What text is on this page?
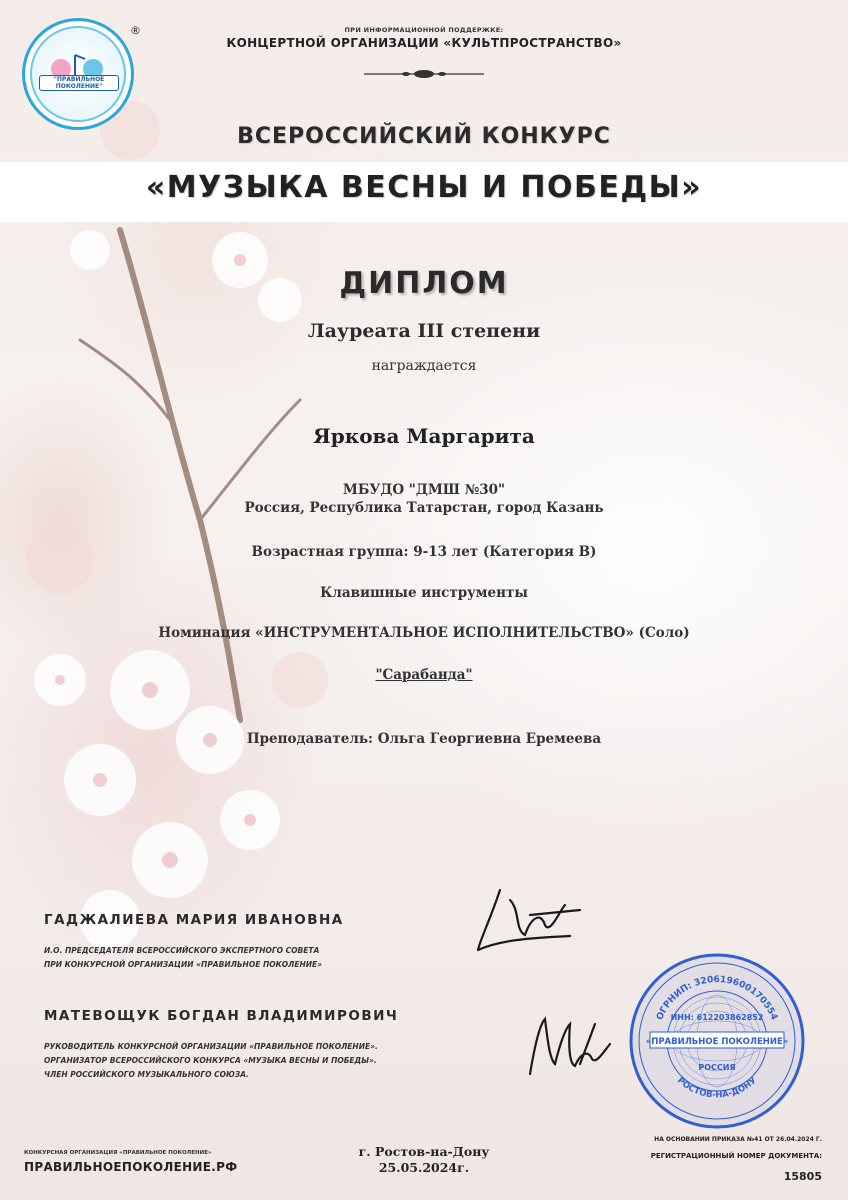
"ПРАВИЛЬНОЕ ПОКОЛЕНИЕ"
®	ПРИ ИНФОРМАЦИОННОЙ ПОДДЕРЖКЕ:
КОНЦЕРТНОЙ ОРГАНИЗАЦИИ «КУЛЬТПРОСТРАНСТВО»
ВСЕРОССИЙСКИЙ КОНКУРС
«МУЗЫКА ВЕСНЫ И ПОБЕДЫ»
ДИПЛОМ
Лауреата III степени
награждается
Яркова Маргарита
МБУДО "ДМШ №30"
Россия, Республика Татарстан, город Казань
Возрастная группа: 9-13 лет (Категория B)
Клавишные инструменты
Номинация «ИНСТРУМЕНТАЛЬНОЕ ИСПОЛНИТЕЛЬСТВО» (Соло)
"Сарабанда"
Преподаватель: Ольга Георгиевна Еремеева
ГАДЖАЛИЕВА МАРИЯ ИВАНОВНА
И.О. ПРЕДСЕДАТЕЛЯ ВСЕРОССИЙСКОГО ЭКСПЕРТНОГО СОВЕТА
ПРИ КОНКУРСНОЙ ОРГАНИЗАЦИИ «ПРАВИЛЬНОЕ ПОКОЛЕНИЕ»
МАТЕВОЩУК БОГДАН ВЛАДИМИРОВИЧ
РУКОВОДИТЕЛЬ КОНКУРСНОЙ ОРГАНИЗАЦИИ «ПРАВИЛЬНОЕ ПОКОЛЕНИЕ».
ОРГАНИЗАТОР ВСЕРОССИЙСКОГО КОНКУРСА «МУЗЫКА ВЕСНЫ И ПОБЕДЫ».
ЧЛЕН РОССИЙСКОГО МУЗЫКАЛЬНОГО СОЮЗА.
ОГРНИП: 320619600170554
ИНН: 612203862852
«ПРАВИЛЬНОЕ ПОКОЛЕНИЕ»
РОССИЯ
РОСТОВ-НА-ДОНУ
КОНКУРСНАЯ ОРГАНИЗАЦИЯ «ПРАВИЛЬНОЕ ПОКОЛЕНИЕ»
ПРАВИЛЬНОЕПОКОЛЕНИЕ.РФ
г. Ростов-на-Дону
25.05.2024г.
НА ОСНОВАНИИ ПРИКАЗА №41 ОТ 26.04.2024 Г.
РЕГИСТРАЦИОННЫЙ НОМЕР ДОКУМЕНТА:
15805
